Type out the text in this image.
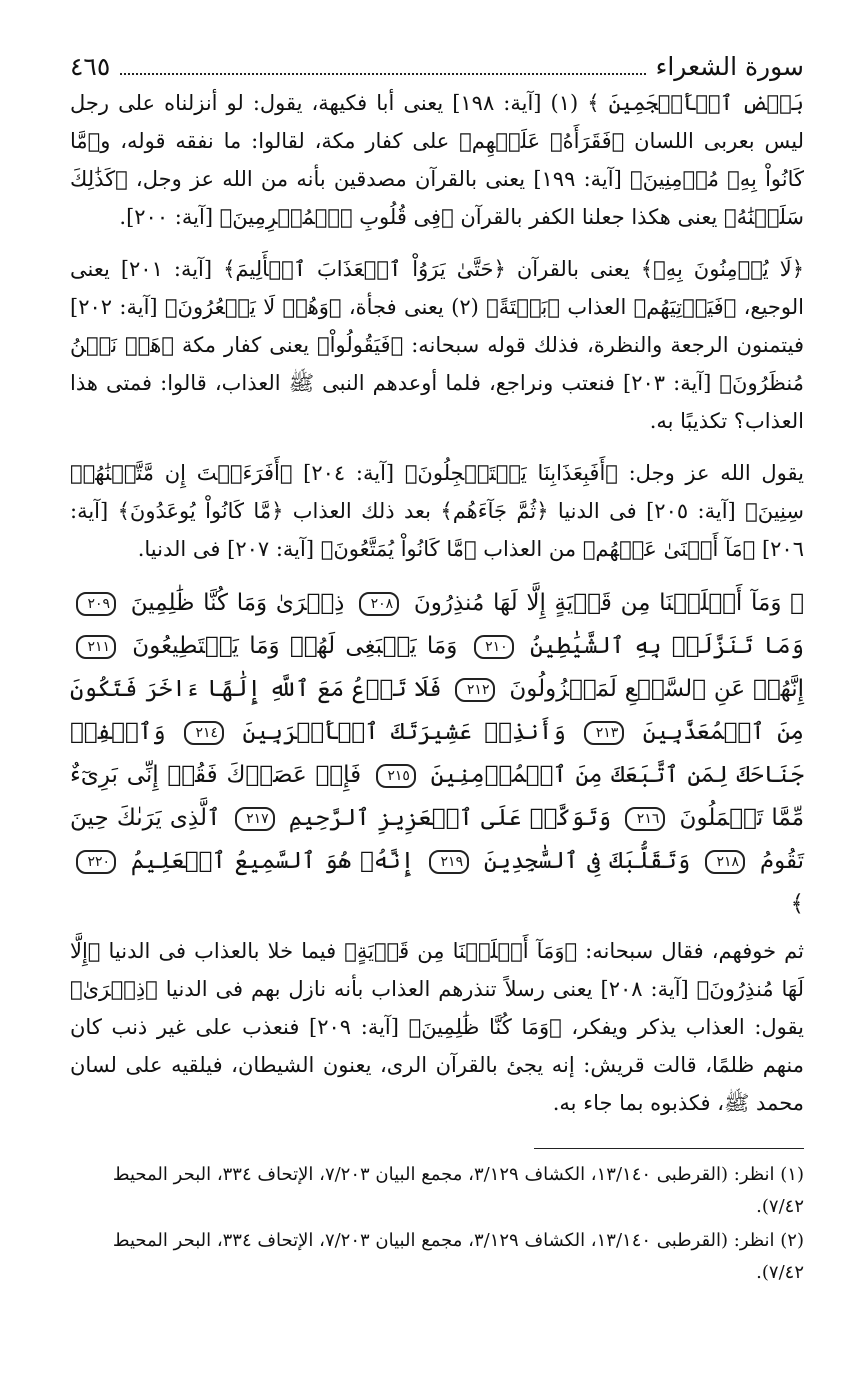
سورة الشعراء
٤٦٥

بَعۡضِ ٱلۡأَعۡجَمِينَ ﴾ (١) [آية: ١٩٨] يعنى أبا فكيهة، يقول: لو أنزلناه على رجل ليس بعربى اللسان ﴿فَقَرَأَهُۥ عَلَيۡهِم﴾ على كفار مكة، لقالوا: ما نفقه قوله، و﴿مَّا كَانُواْ بِهِۦ مُؤۡمِنِينَ﴾ [آية: ١٩٩] يعنى بالقرآن مصدقين بأنه من الله عز وجل، ﴿كَذَٰلِكَ سَلَكۡنَٰهُ﴾ يعنى هكذا جعلنا الكفر بالقرآن ﴿فِى قُلُوبِ ٱلۡمُجۡرِمِينَ﴾ [آية: ٢٠٠].

﴿لَا يُؤۡمِنُونَ بِهِۦ﴾ يعنى بالقرآن ﴿حَتَّىٰ يَرَوُاْ ٱلۡعَذَابَ ٱلۡأَلِيمَ﴾ [آية: ٢٠١] يعنى الوجيع، ﴿فَيَأۡتِيَهُم﴾ العذاب ﴿بَغۡتَةً﴾ (٢) يعنى فجأة، ﴿وَهُمۡ لَا يَشۡعُرُونَ﴾ [آية: ٢٠٢] فيتمنون الرجعة والنظرة، فذلك قوله سبحانه: ﴿فَيَقُولُواْ﴾ يعنى كفار مكة ﴿هَلۡ نَحۡنُ مُنظَرُونَ﴾ [آية: ٢٠٣] فنعتب ونراجع، فلما أوعدهم النبى ﷺ العذاب، قالوا: فمتى هذا العذاب؟ تكذيبًا به.

يقول الله عز وجل: ﴿أَفَبِعَذَابِنَا يَسۡتَعۡجِلُونَ﴾ [آية: ٢٠٤] ﴿أَفَرَءَيۡتَ إِن مَّتَّعۡنَٰهُمۡ سِنِينَ﴾ [آية: ٢٠٥] فى الدنيا ﴿ثُمَّ جَآءَهُم﴾ بعد ذلك العذاب ﴿مَّا كَانُواْ يُوعَدُونَ﴾ [آية: ٢٠٦] ﴿مَآ أَغۡنَىٰ عَنۡهُم﴾ من العذاب ﴿مَّا كَانُواْ يُمَتَّعُونَ﴾ [آية: ٢٠٧] فى الدنيا.

﴿ وَمَآ أَهۡلَكۡنَا مِن قَرۡيَةٍ إِلَّا لَهَا مُنذِرُونَ ٢٠٨ ذِكۡرَىٰ وَمَا كُنَّا ظَٰلِمِينَ ٢٠٩ وَمَا تَنَزَّلَتۡ بِهِ ٱلشَّيَٰطِينُ ٢١٠ وَمَا يَنۢبَغِى لَهُمۡ وَمَا يَسۡتَطِيعُونَ ٢١١ إِنَّهُمۡ عَنِ ٱلسَّمۡعِ لَمَعۡزُولُونَ ٢١٢ فَلَا تَدۡعُ مَعَ ٱللَّهِ إِلَٰهًا ءَاخَرَ فَتَكُونَ مِنَ ٱلۡمُعَذَّبِينَ ٢١٣ وَأَنذِرۡ عَشِيرَتَكَ ٱلۡأَقۡرَبِينَ ٢١٤ وَٱخۡفِضۡ جَنَاحَكَ لِمَنِ ٱتَّبَعَكَ مِنَ ٱلۡمُؤۡمِنِينَ ٢١٥ فَإِنۡ عَصَوۡكَ فَقُلۡ إِنِّى بَرِىٓءٌ مِّمَّا تَعۡمَلُونَ ٢١٦ وَتَوَكَّلۡ عَلَى ٱلۡعَزِيزِ ٱلرَّحِيمِ ٢١٧ ٱلَّذِى يَرَىٰكَ حِينَ تَقُومُ ٢١٨ وَتَقَلُّبَكَ فِى ٱلسَّٰجِدِينَ ٢١٩ إِنَّهُۥ هُوَ ٱلسَّمِيعُ ٱلۡعَلِيمُ ٢٢٠ ﴾

ثم خوفهم، فقال سبحانه: ﴿وَمَآ أَهۡلَكۡنَا مِن قَرۡيَةٍ﴾ فيما خلا بالعذاب فى الدنيا ﴿إِلَّا لَهَا مُنذِرُونَ﴾ [آية: ٢٠٨] يعنى رسلاً تنذرهم العذاب بأنه نازل بهم فى الدنيا ﴿ذِكۡرَىٰ﴾ يقول: العذاب يذكر ويفكر، ﴿وَمَا كُنَّا ظَٰلِمِينَ﴾ [آية: ٢٠٩] فنعذب على غير ذنب كان منهم ظلمًا، قالت قريش: إنه يجئ بالقرآن الرى، يعنون الشيطان، فيلقيه على لسان محمد ﷺ، فكذبوه بما جاء به.

(١) انظر: (القرطبى ١٣/١٤٠، الكشاف ٣/١٢٩، مجمع البيان ٧/٢٠٣، الإتحاف ٣٣٤، البحر المحيط ٧/٤٢).

(٢) انظر: (القرطبى ١٣/١٤٠، الكشاف ٣/١٢٩، مجمع البيان ٧/٢٠٣، الإتحاف ٣٣٤، البحر المحيط ٧/٤٢).
